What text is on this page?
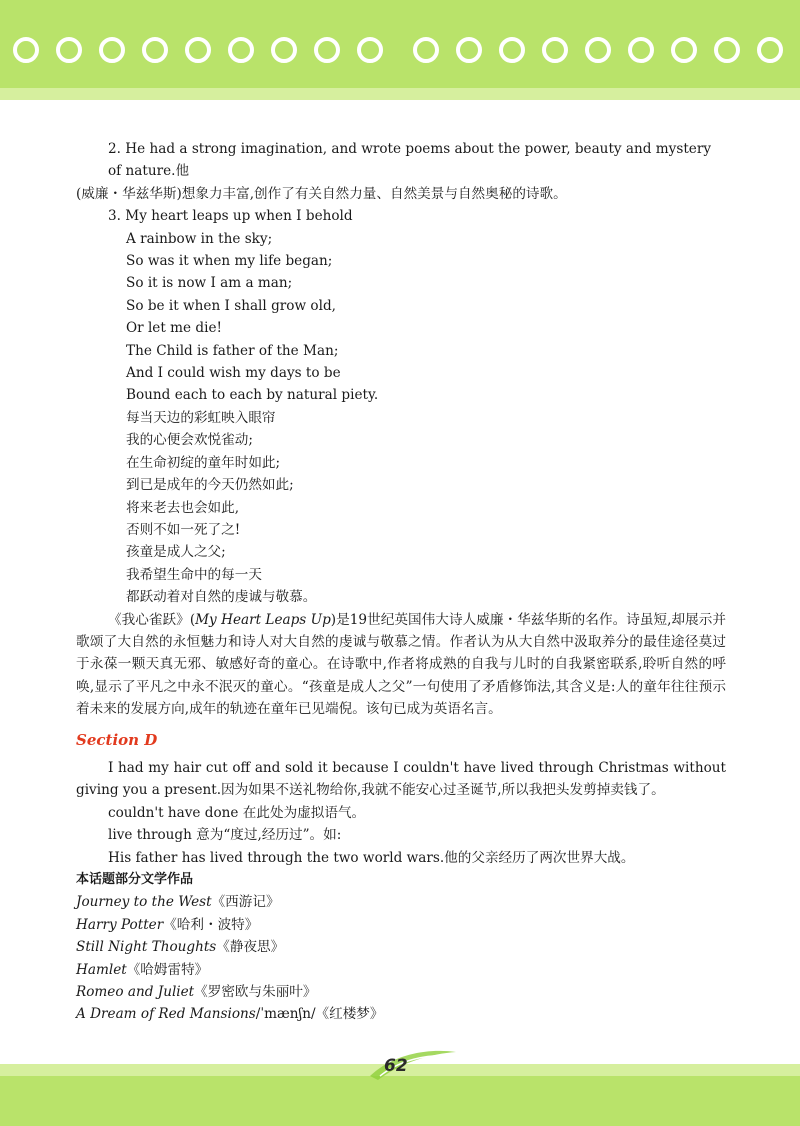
2. He had a strong imagination, and wrote poems about the power, beauty and mystery of nature.他

(威廉・华兹华斯)想象力丰富,创作了有关自然力量、自然美景与自然奥秘的诗歌。

3. My heart leaps up when I behold

A rainbow in the sky;

So was it when my life began;

So it is now I am a man;

So be it when I shall grow old,

Or let me die!

The Child is father of the Man;

And I could wish my days to be

Bound each to each by natural piety.

每当天边的彩虹映入眼帘

我的心便会欢悦雀动;

在生命初绽的童年时如此;

到已是成年的今天仍然如此;

将来老去也会如此,

否则不如一死了之!

孩童是成人之父;

我希望生命中的每一天

都跃动着对自然的虔诚与敬慕。

《我心雀跃》(My Heart Leaps Up)是19世纪英国伟大诗人威廉・华兹华斯的名作。诗虽短,却展示并歌颂了大自然的永恒魅力和诗人对大自然的虔诚与敬慕之情。作者认为从大自然中汲取养分的最佳途径莫过于永葆一颗天真无邪、敏感好奇的童心。在诗歌中,作者将成熟的自我与儿时的自我紧密联系,聆听自然的呼唤,显示了平凡之中永不泯灭的童心。“孩童是成人之父”一句使用了矛盾修饰法,其含义是:人的童年往往预示着未来的发展方向,成年的轨迹在童年已见端倪。该句已成为英语名言。

Section D

I had my hair cut off and sold it because I couldn't have lived through Christmas without giving you a present.因为如果不送礼物给你,我就不能安心过圣诞节,所以我把头发剪掉卖钱了。

couldn't have done 在此处为虚拟语气。

live through 意为“度过,经历过”。如:

His father has lived through the two world wars.他的父亲经历了两次世界大战。

本话题部分文学作品

Journey to the West《西游记》

Harry Potter《哈利・波特》

Still Night Thoughts《静夜思》

Hamlet《哈姆雷特》

Romeo and Juliet《罗密欧与朱丽叶》

A Dream of Red Mansions/ˈmænʃn/《红楼梦》

62
